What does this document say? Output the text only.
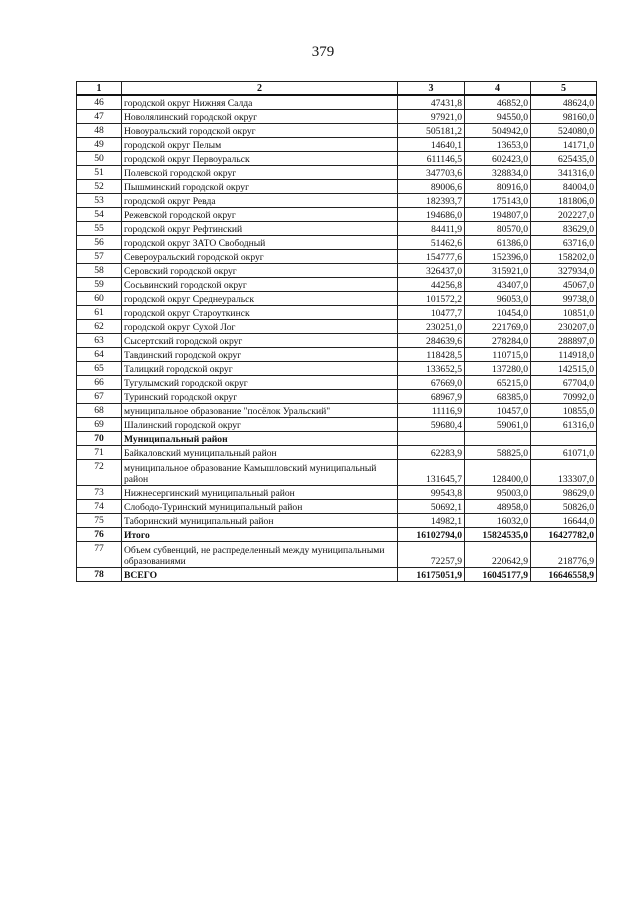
379
1	2	3	4	5
46	городской округ Нижняя Салда	47431,8	46852,0	48624,0
47	Новолялинский городской округ	97921,0	94550,0	98160,0
48	Новоуральский городской округ	505181,2	504942,0	524080,0
49	городской округ Пелым	14640,1	13653,0	14171,0
50	городской округ Первоуральск	611146,5	602423,0	625435,0
51	Полевской городской округ	347703,6	328834,0	341316,0
52	Пышминский городской округ	89006,6	80916,0	84004,0
53	городской округ Ревда	182393,7	175143,0	181806,0
54	Режевской городской округ	194686,0	194807,0	202227,0
55	городской округ Рефтинский	84411,9	80570,0	83629,0
56	городской округ ЗАТО Свободный	51462,6	61386,0	63716,0
57	Североуральский городской округ	154777,6	152396,0	158202,0
58	Серовский городской округ	326437,0	315921,0	327934,0
59	Сосьвинский городской округ	44256,8	43407,0	45067,0
60	городской округ Среднеуральск	101572,2	96053,0	99738,0
61	городской округ Староуткинск	10477,7	10454,0	10851,0
62	городской округ Сухой Лог	230251,0	221769,0	230207,0
63	Сысертский городской округ	284639,6	278284,0	288897,0
64	Тавдинский городской округ	118428,5	110715,0	114918,0
65	Талицкий городской округ	133652,5	137280,0	142515,0
66	Тугулымский городской округ	67669,0	65215,0	67704,0
67	Туринский городской округ	68967,9	68385,0	70992,0
68	муниципальное образование "посёлок Уральский"	11116,9	10457,0	10855,0
69	Шалинский городской округ	59680,4	59061,0	61316,0
70	Муниципальный район			
71	Байкаловский муниципальный район	62283,9	58825,0	61071,0
72	муниципальное образование Камышловский муниципальный район	131645,7	128400,0	133307,0
73	Нижнесергинский муниципальный район	99543,8	95003,0	98629,0
74	Слободо-Туринский муниципальный район	50692,1	48958,0	50826,0
75	Таборинский муниципальный район	14982,1	16032,0	16644,0
76	Итого	16102794,0	15824535,0	16427782,0
77	Объем субвенций, не распределенный между муниципальными образованиями	72257,9	220642,9	218776,9
78	ВСЕГО	16175051,9	16045177,9	16646558,9
